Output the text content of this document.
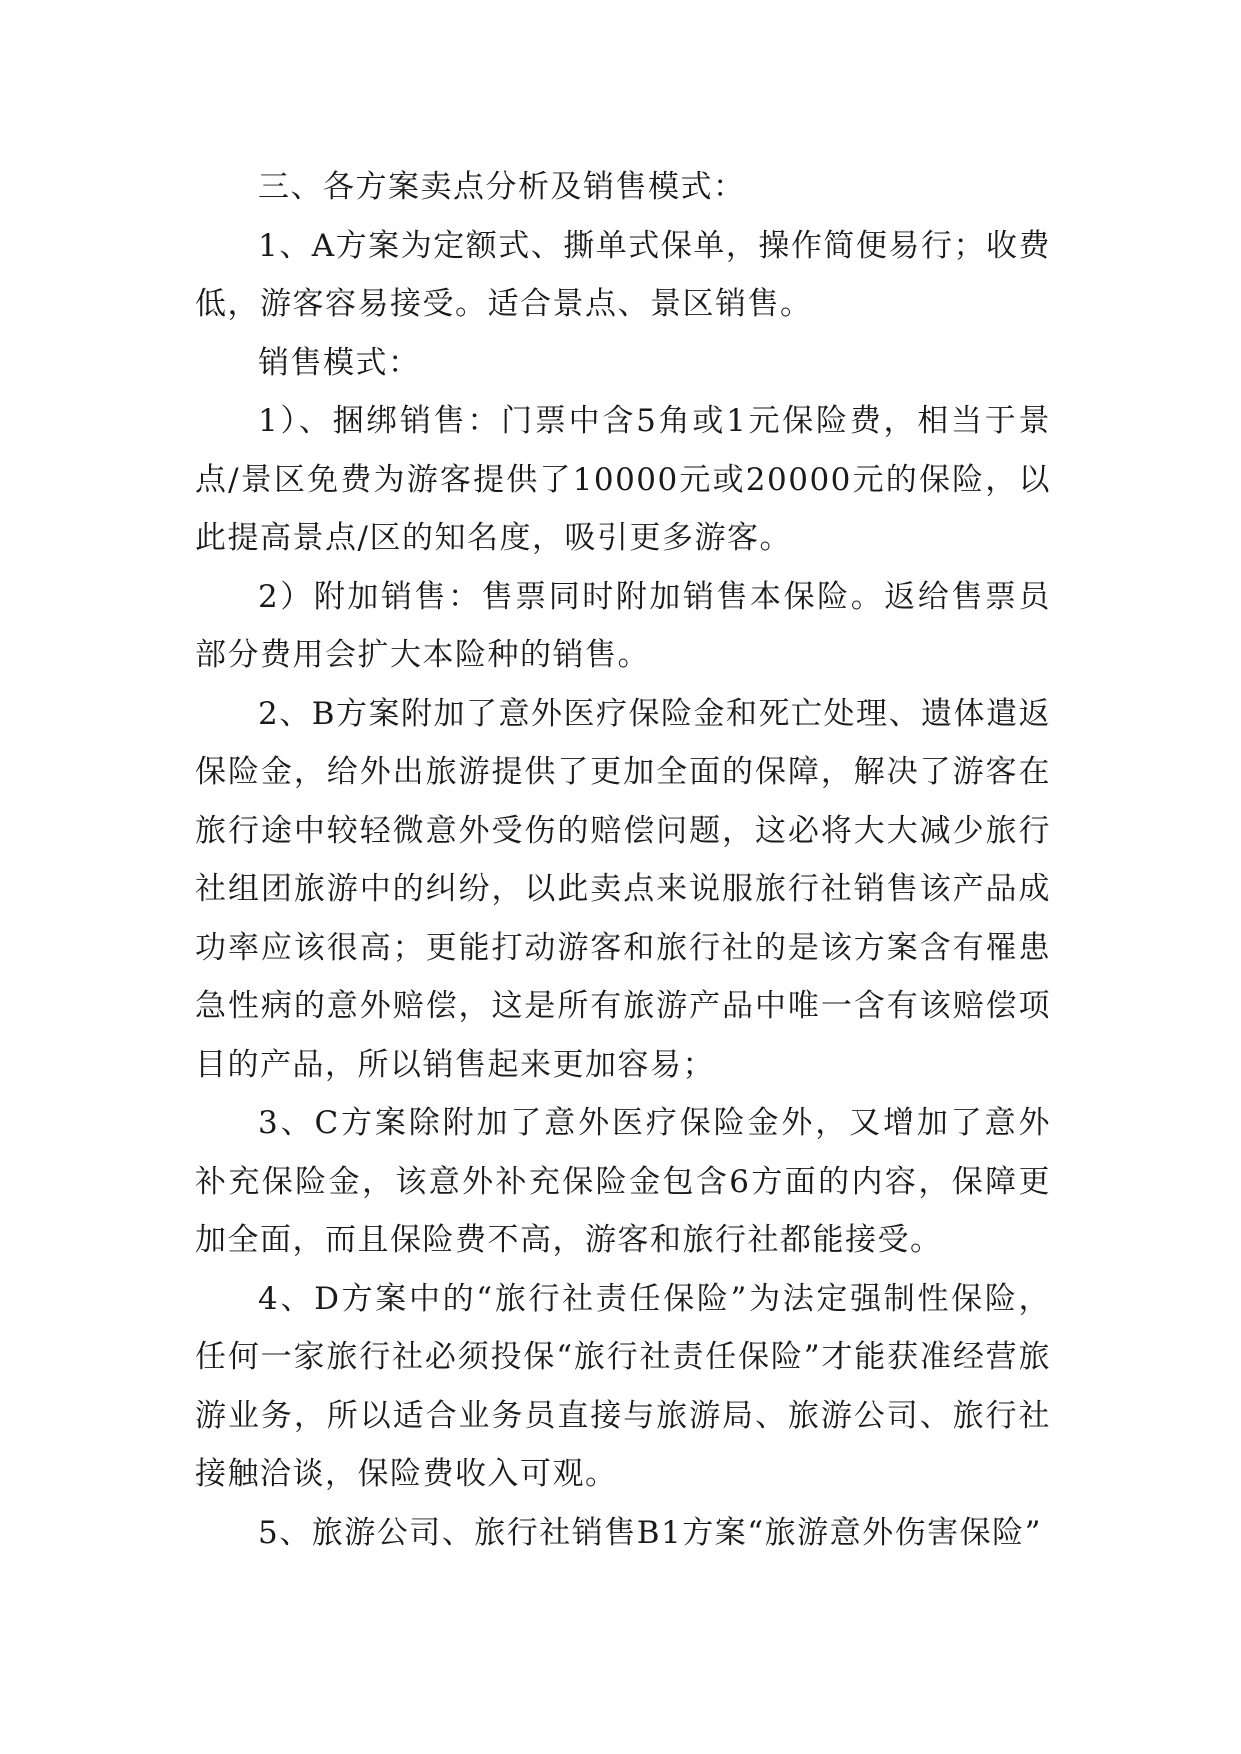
三、各方案卖点分析及销售模式：

1、A方案为定额式、撕单式保单，操作简便易行；收费低，游客容易接受。适合景点、景区销售。

销售模式：

1）、捆绑销售：门票中含5角或1元保险费，相当于景点/景区免费为游客提供了10000元或20000元的保险，以此提高景点/区的知名度，吸引更多游客。

2）附加销售：售票同时附加销售本保险。返给售票员部分费用会扩大本险种的销售。

2、B方案附加了意外医疗保险金和死亡处理、遗体遣返保险金，给外出旅游提供了更加全面的保障，解决了游客在旅行途中较轻微意外受伤的赔偿问题，这必将大大减少旅行社组团旅游中的纠纷，以此卖点来说服旅行社销售该产品成功率应该很高；更能打动游客和旅行社的是该方案含有罹患急性病的意外赔偿，这是所有旅游产品中唯一含有该赔偿项目的产品，所以销售起来更加容易；

3、C方案除附加了意外医疗保险金外，又增加了意外补充保险金，该意外补充保险金包含6方面的内容，保障更加全面，而且保险费不高，游客和旅行社都能接受。

4、D方案中的“旅行社责任保险”为法定强制性保险，任何一家旅行社必须投保“旅行社责任保险”才能获准经营旅游业务，所以适合业务员直接与旅游局、旅游公司、旅行社接触洽谈，保险费收入可观。

5、旅游公司、旅行社销售B1方案“旅游意外伤害保险”
